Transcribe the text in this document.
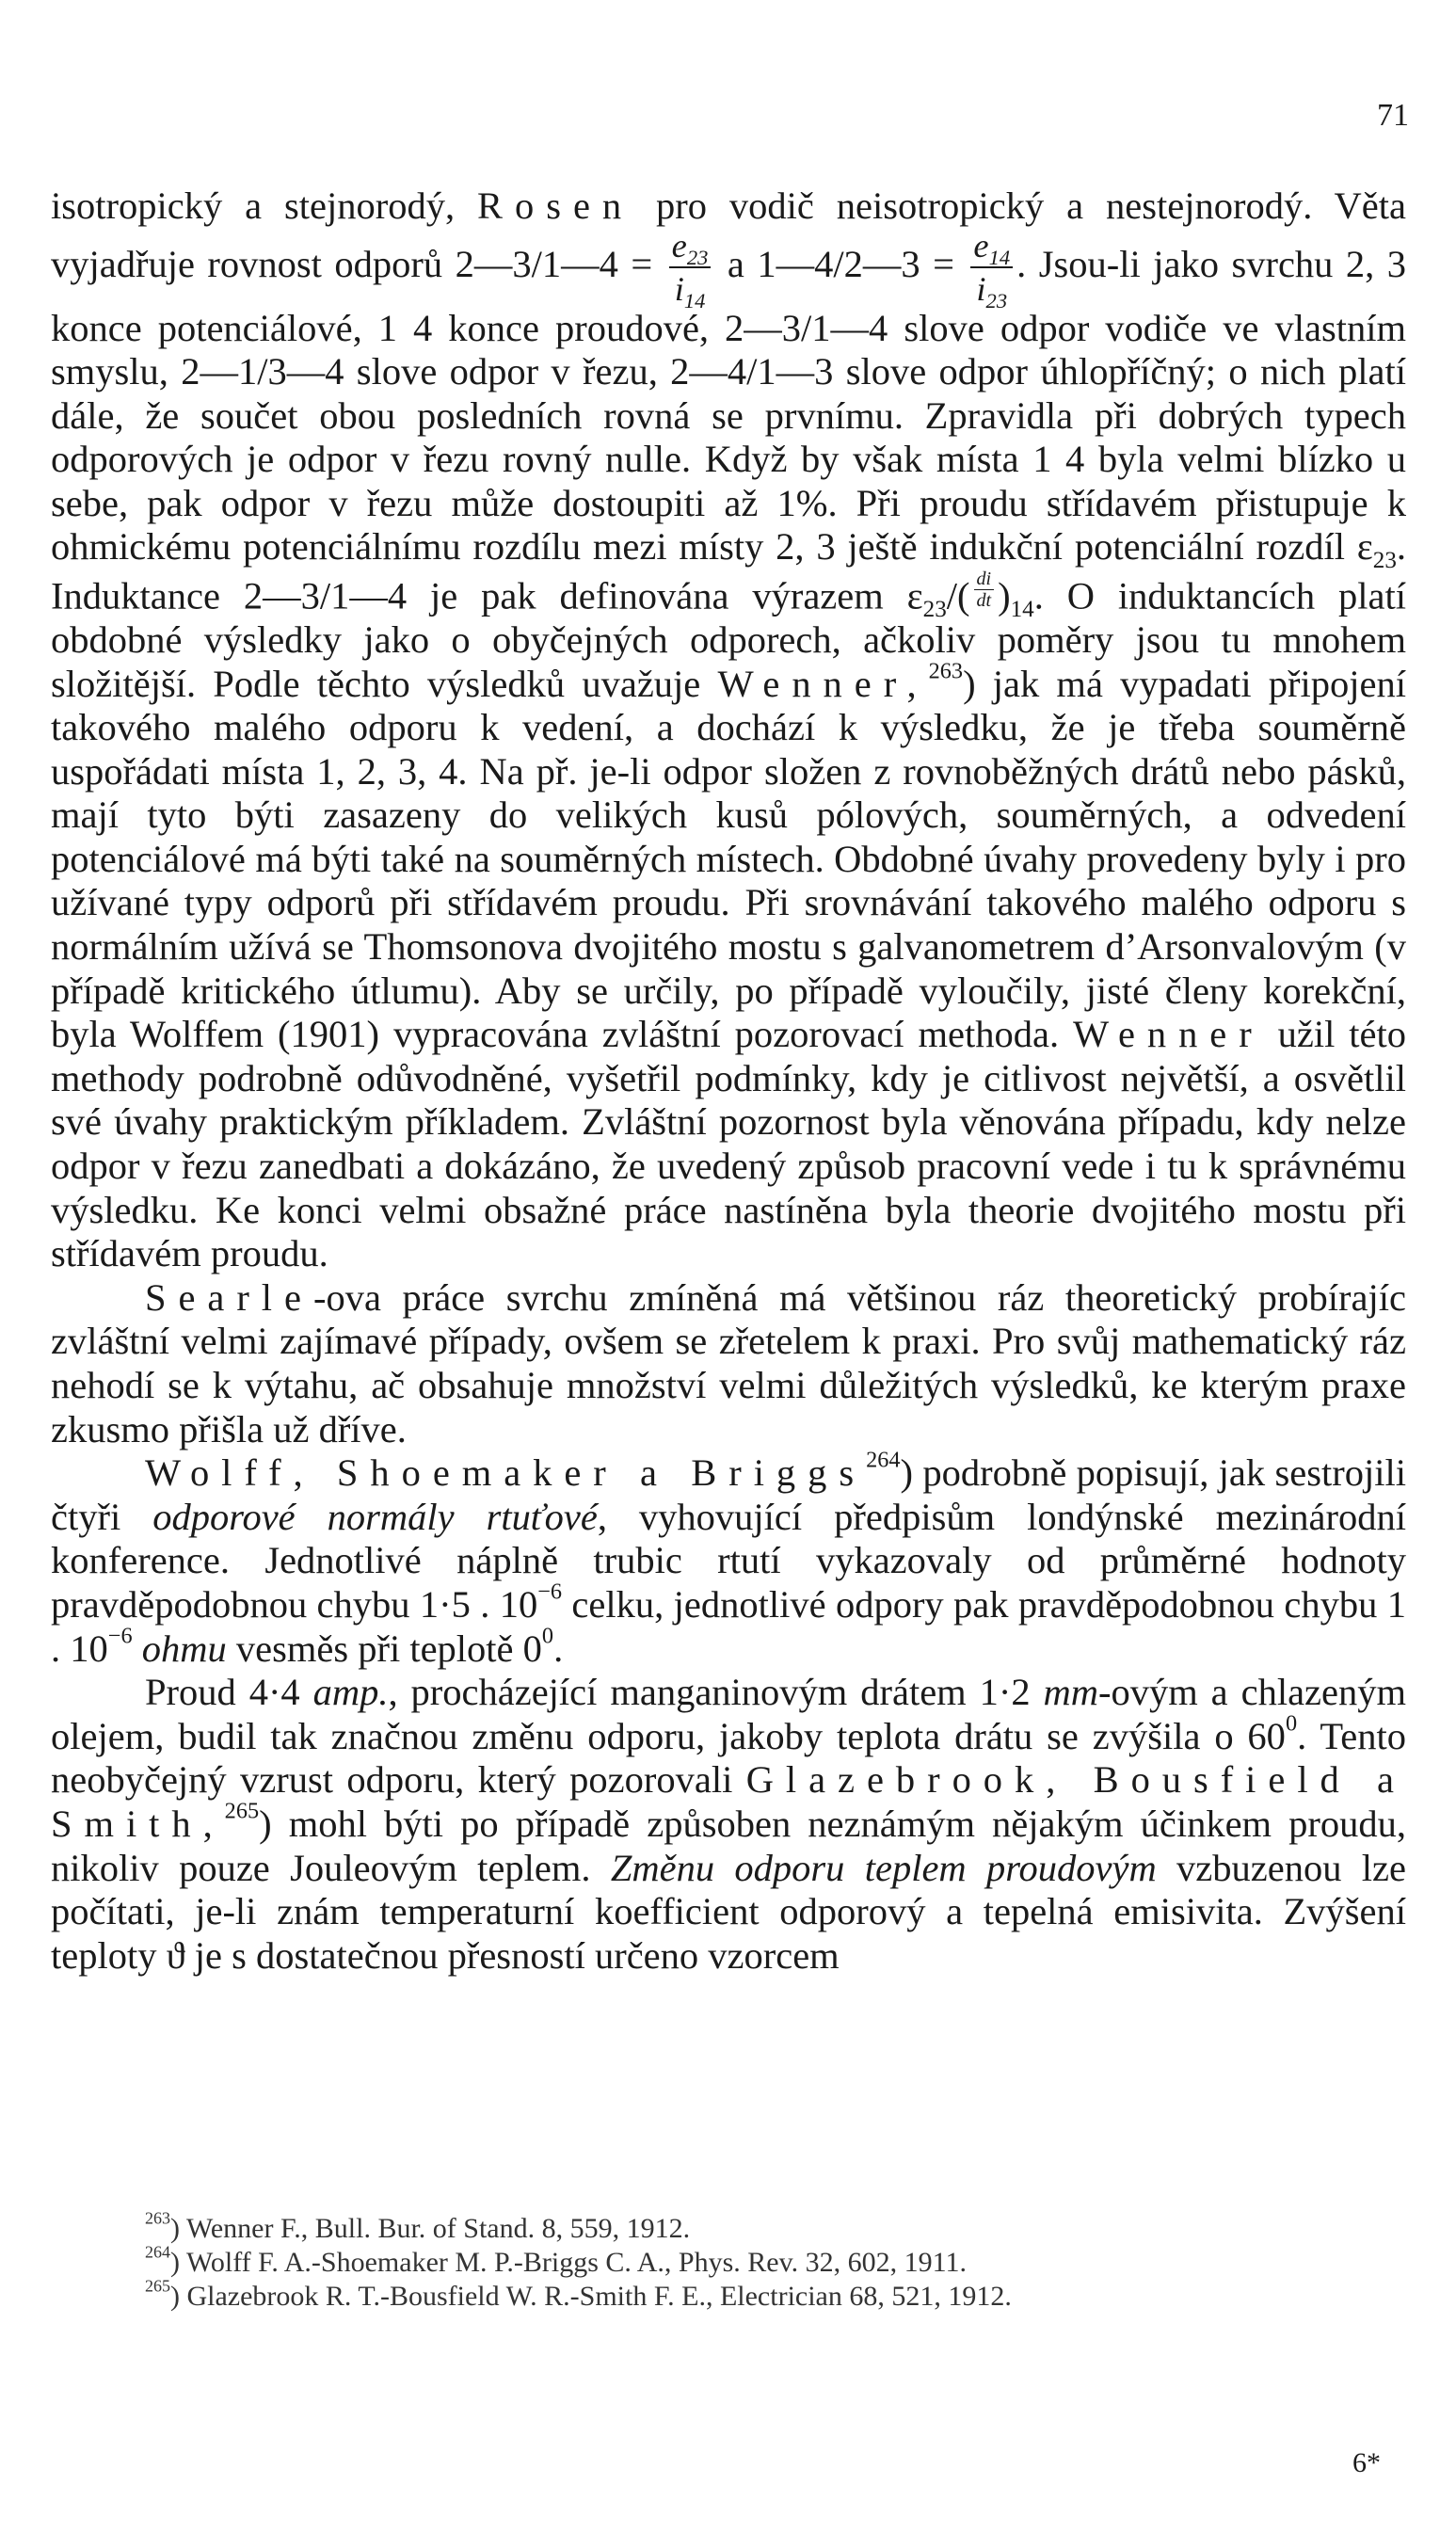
71

isotropický a stejnorodý, Rosen pro vodič neisotropický a nestejnorodý. Věta vyjadřuje rovnost odporů 2—3/1—4 = $\frac{e_{23}}{i_{14}}$ a 1—4/2—3 = $\frac{e_{14}}{i_{23}}$ . Jsou-li jako svrchu 2, 3 konce potenciálové, 1 4 konce proudové, 2—3/1—4 slove odpor vodiče ve vlastním smyslu, 2—1/3—4 slove odpor v řezu, 2—4/1—3 slove odpor úhlopříčný; o nich platí dále, že součet obou posledních rovná se prvnímu. Zpravidla při dobrých typech odporových je odpor v řezu rovný nulle. Když by však místa 1 4 byla velmi blízko u sebe, pak odpor v řezu může dostoupiti až 1%. Při proudu střídavém přistupuje k ohmickému potenciálnímu rozdílu mezi místy 2, 3 ještě indukční potenciální rozdíl $\varepsilon_{23}$. Induktance 2—3/1—4 je pak definována výrazem $\varepsilon_{23}/( \frac{di}{dt} )_{14}$. O induktancích platí obdobné výsledky jako o obyčejných odporech, ačkoliv poměry jsou tu mnohem složitější. Podle těchto výsledků uvažuje Wenner,$^{263}$) jak má vypadati připojení takového malého odporu k vedení, a dochází k výsledku, že je třeba souměrně uspořádati místa 1, 2, 3, 4. Na př. je-li odpor složen z rovnoběžných drátů nebo pásků, mají tyto býti zasazeny do velikých kusů pólových, souměrných, a odvedení potenciálové má býti také na souměrných místech. Obdobné úvahy provedeny byly i pro užívané typy odporů při střídavém proudu. Při srovnávání takového malého odporu s normálním užívá se Thomsonova dvojitého mostu s galvanometrem d’Arsonvalovým (v případě kritického útlumu). Aby se určily, po případě vyloučily, jisté členy korekční, byla Wolffem (1901) vypracována zvláštní pozorovací methoda. Wenner užil této methody podrobně odůvodněné, vyšetřil podmínky, kdy je citlivost největší, a osvětlil své úvahy praktickým příkladem. Zvláštní pozornost byla věnována případu, kdy nelze odpor v řezu zanedbati a dokázáno, že uvedený způsob pracovní vede i tu k správnému výsledku. Ke konci velmi obsažné práce nastíněna byla theorie dvojitého mostu při střídavém proudu.

Searle-ova práce svrchu zmíněná má většinou ráz theoretický probírajíc zvláštní velmi zajímavé případy, ovšem se zřetelem k praxi. Pro svůj mathematický ráz nehodí se k výtahu, ač obsahuje množství velmi důležitých výsledků, ke kterým praxe zkusmo přišla už dříve.

Wolff, Shoemaker a Briggs$^{264}$) podrobně popisují, jak sestrojili čtyři odporové normály rtuťové, vyhovující předpisům londýnské mezinárodní konference. Jednotlivé náplně trubic rtutí vykazovaly od průměrné hodnoty pravděpodobnou chybu 1·5 . $10^{-6}$ celku, jednotlivé odpory pak pravděpodobnou chybu 1 . $10^{-6}$ ohmu vesměs při teplotě $0^0$.

Proud 4·4 amp., procházející manganinovým drátem 1·2 mm-ovým a chlazeným olejem, budil tak značnou změnu odporu, jakoby teplota drátu se zvýšila o $60^0$. Tento neobyčejný vzrust odporu, který pozorovali Glazebrook, Bousfield a Smith,$^{265}$) mohl býti po případě způsoben neznámým nějakým účinkem proudu, nikoliv pouze Jouleovým teplem. Změnu odporu teplem proudovým vzbuzenou lze počítati, je-li znám temperaturní koefficient odporový a tepelná emisivita. Zvýšení teploty ϑ je s dostatečnou přesností určeno vzorcem

$^{263}$) Wenner F., Bull. Bur. of Stand. 8, 559, 1912.

$^{264}$) Wolff F. A.-Shoemaker M. P.-Briggs C. A., Phys. Rev. 32, 602, 1911.

$^{265}$) Glazebrook R. T.-Bousfield W. R.-Smith F. E., Electrician 68, 521, 1912.

6*
